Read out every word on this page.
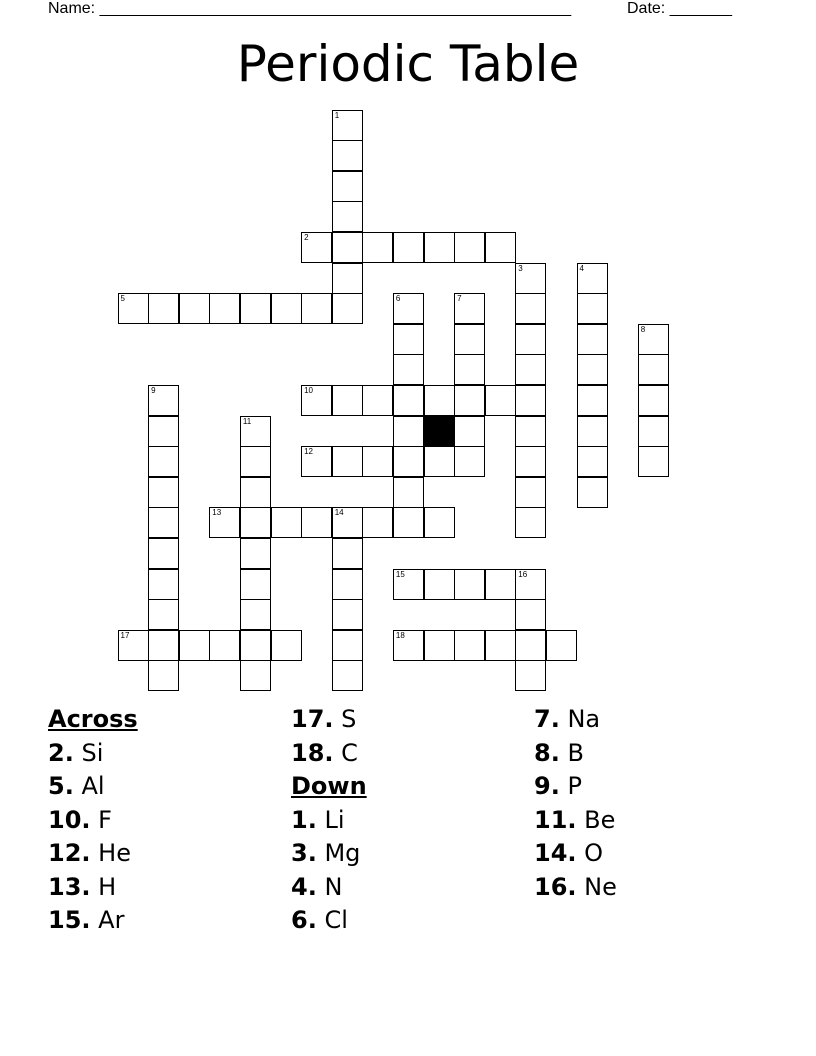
Name: _____________________________________________________	Date: _______
Periodic Table
1
2
3	4
5	6	7
8
9	10
11
12
13	14
15	16
17	18
Across
2. Si
5. Al
10. F
12. He
13. H
15. Ar
17. S
18. C
Down
1. Li
3. Mg
4. N
6. Cl
7. Na
8. B
9. P
11. Be
14. O
16. Ne
